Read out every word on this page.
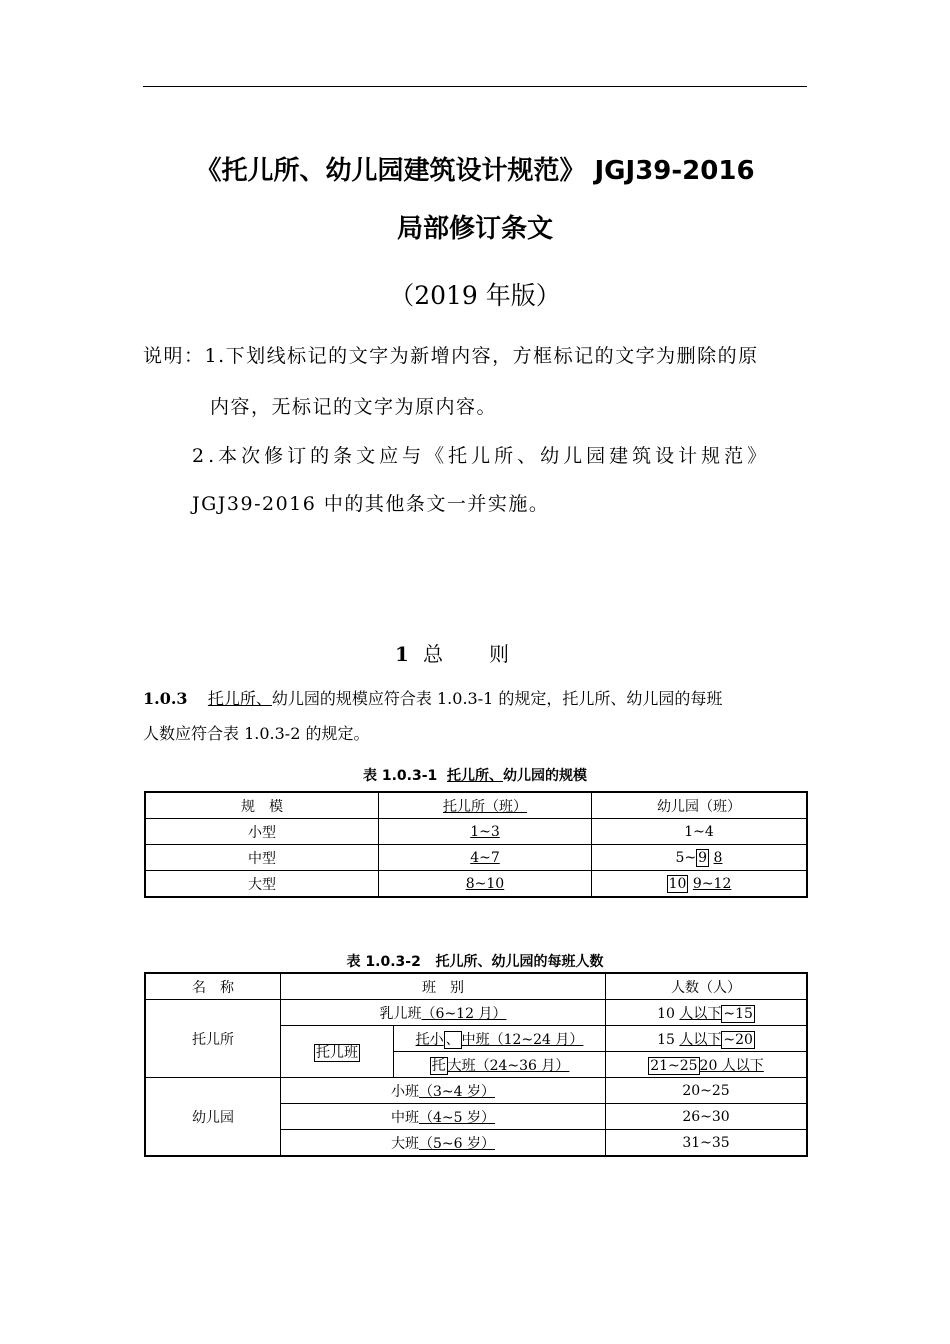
《托儿所、幼儿园建筑设计规范》 JGJ39-2016
局部修订条文
（2019 年版）
说明：1.下划线标记的文字为新增内容，方框标记的文字为删除的原
内容，无标记的文字为原内容。
2.本次修订的条文应与《托儿所、幼儿园建筑设计规范》
JGJ39-2016 中的其他条文一并实施。
1 总则
1.0.3 托儿所、幼儿园的规模应符合表 1.0.3-1 的规定，托儿所、幼儿园的每班
人数应符合表 1.0.3-2 的规定。
表 1.0.3-1 托儿所、幼儿园的规模
规　模	托儿所（班）	幼儿园（班）
小型	1~3	1~4
中型	4~7	5~ 9 8
大型	8~10	10 9~12
表 1.0.3-2 托儿所、幼儿园的每班人数
名　称	班　别		人数（人）
托儿所	乳儿班（6~12 月）		10 人以下 ~15
	托儿班	托小 、 中班（12~24 月）	15 人以下 ~20
		托 大班（24~36 月）	21~25 20 人以下
幼儿园	小班（3~4 岁）		20~25
	中班（4~5 岁）		26~30
	大班（5~6 岁）		31~35
